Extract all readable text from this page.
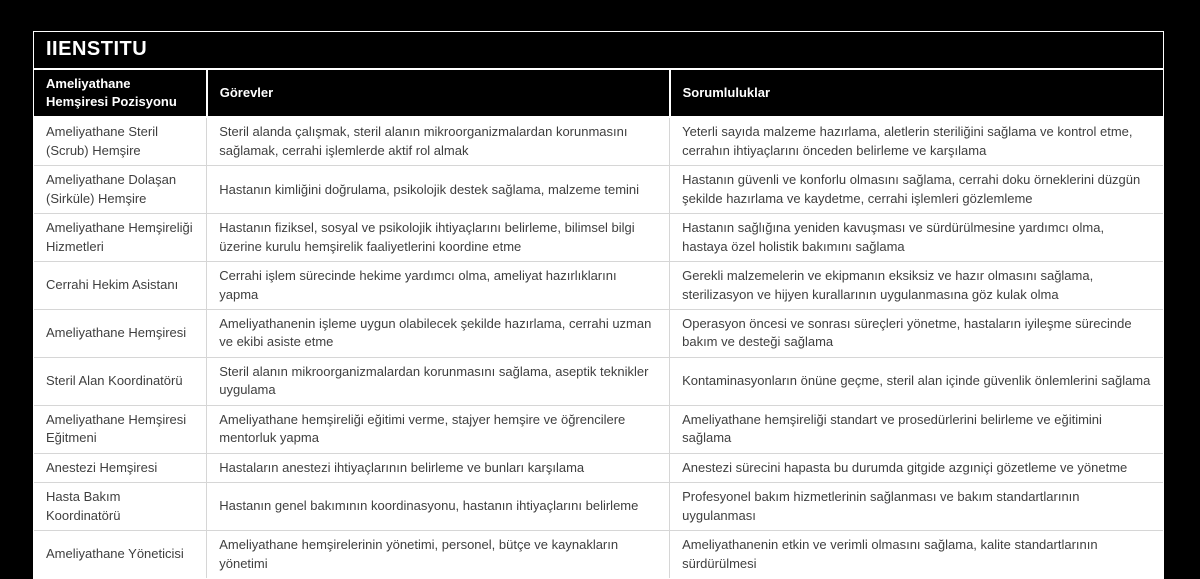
IIENSTITU
Ameliyathane Hemşiresi Pozisyonu	Görevler	Sorumluluklar
Ameliyathane Steril (Scrub) Hemşire	Steril alanda çalışmak, steril alanın mikroorganizmalardan korunmasını sağlamak, cerrahi işlemlerde aktif rol almak	Yeterli sayıda malzeme hazırlama, aletlerin steriliğini sağlama ve kontrol etme, cerrahın ihtiyaçlarını önceden belirleme ve karşılama
Ameliyathane Dolaşan (Sirküle) Hemşire	Hastanın kimliğini doğrulama, psikolojik destek sağlama, malzeme temini	Hastanın güvenli ve konforlu olmasını sağlama, cerrahi doku örneklerini düzgün şekilde hazırlama ve kaydetme, cerrahi işlemleri gözlemleme
Ameliyathane Hemşireliği Hizmetleri	Hastanın fiziksel, sosyal ve psikolojik ihtiyaçlarını belirleme, bilimsel bilgi üzerine kurulu hemşirelik faaliyetlerini koordine etme	Hastanın sağlığına yeniden kavuşması ve sürdürülmesine yardımcı olma, hastaya özel holistik bakımını sağlama
Cerrahi Hekim Asistanı	Cerrahi işlem sürecinde hekime yardımcı olma, ameliyat hazırlıklarını yapma	Gerekli malzemelerin ve ekipmanın eksiksiz ve hazır olmasını sağlama, sterilizasyon ve hijyen kurallarının uygulanmasına göz kulak olma
Ameliyathane Hemşiresi	Ameliyathanenin işleme uygun olabilecek şekilde hazırlama, cerrahi uzman ve ekibi asiste etme	Operasyon öncesi ve sonrası süreçleri yönetme, hastaların iyileşme sürecinde bakım ve desteği sağlama
Steril Alan Koordinatörü	Steril alanın mikroorganizmalardan korunmasını sağlama, aseptik teknikler uygulama	Kontaminasyonların önüne geçme, steril alan içinde güvenlik önlemlerini sağlama
Ameliyathane Hemşiresi Eğitmeni	Ameliyathane hemşireliği eğitimi verme, stajyer hemşire ve öğrencilere mentorluk yapma	Ameliyathane hemşireliği standart ve prosedürlerini belirleme ve eğitimini sağlama
Anestezi Hemşiresi	Hastaların anestezi ihtiyaçlarının belirleme ve bunları karşılama	Anestezi sürecini hapasta bu durumda gitgide azgıniçi gözetleme ve yönetme
Hasta Bakım Koordinatörü	Hastanın genel bakımının koordinasyonu, hastanın ihtiyaçlarını belirleme	Profesyonel bakım hizmetlerinin sağlanması ve bakım standartlarının uygulanması
Ameliyathane Yöneticisi	Ameliyathane hemşirelerinin yönetimi, personel, bütçe ve kaynakların yönetimi	Ameliyathanenin etkin ve verimli olmasını sağlama, kalite standartlarının sürdürülmesi
